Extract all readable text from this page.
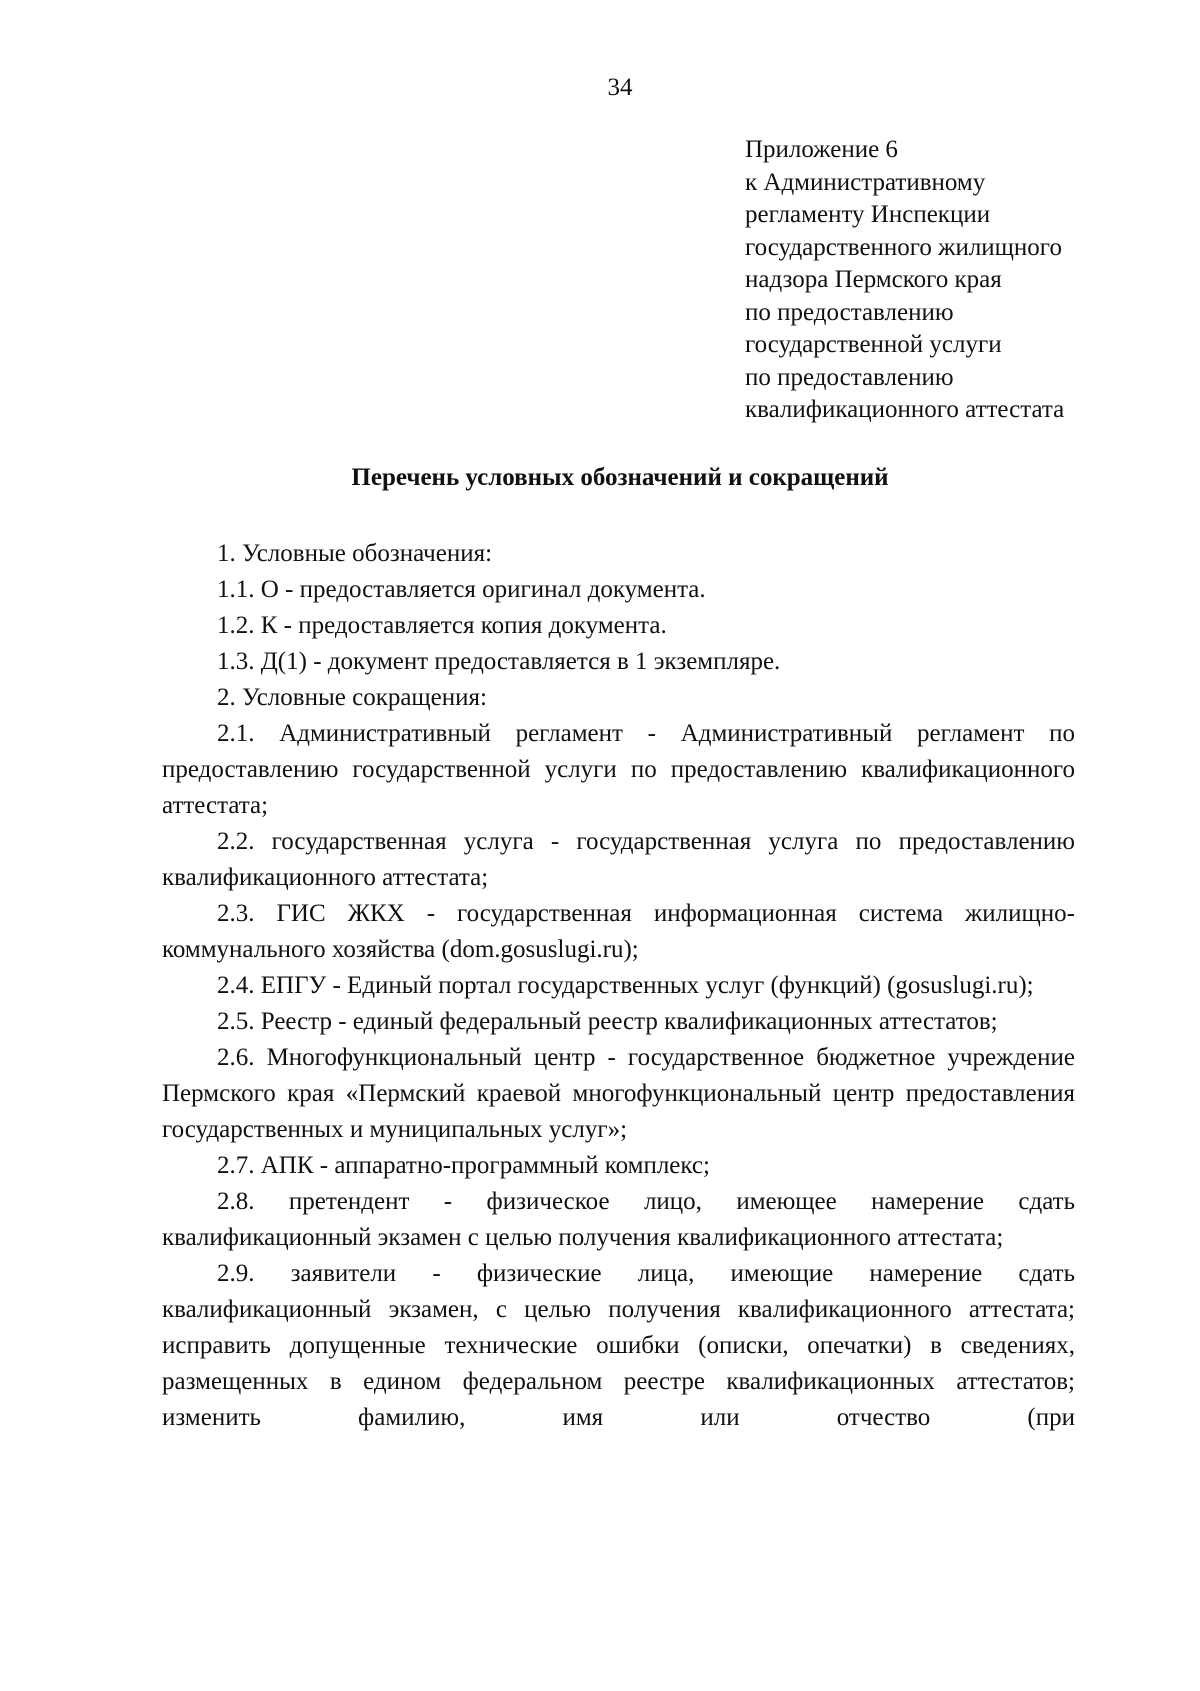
34
Приложение 6
к Административному
регламенту Инспекции
государственного жилищного
надзора Пермского края
по предоставлению
государственной услуги
по предоставлению
квалификационного аттестата
Перечень условных обозначений и сокращений

1. Условные обозначения:

1.1. О - предоставляется оригинал документа.

1.2. К - предоставляется копия документа.

1.3. Д(1) - документ предоставляется в 1 экземпляре.

2. Условные сокращения:

2.1. Административный регламент - Административный регламент по предоставлению государственной услуги по предоставлению квалификационного аттестата;

2.2. государственная услуга - государственная услуга по предоставлению квалификационного аттестата;

2.3. ГИС ЖКХ - государственная информационная система жилищно-коммунального хозяйства (dom.gosuslugi.ru);

2.4. ЕПГУ - Единый портал государственных услуг (функций) (gosuslugi.ru);

2.5. Реестр - единый федеральный реестр квалификационных аттестатов;

2.6. Многофункциональный центр - государственное бюджетное учреждение Пермского края «Пермский краевой многофункциональный центр предоставления государственных и муниципальных услуг»;

2.7. АПК - аппаратно-программный комплекс;

2.8. претендент - физическое лицо, имеющее намерение сдать квалификационный экзамен с целью получения квалификационного аттестата;

2.9. заявители - физические лица, имеющие намерение сдать квалификационный экзамен, с целью получения квалификационного аттестата; исправить допущенные технические ошибки (описки, опечатки) в сведениях, размещенных в едином федеральном реестре квалификационных аттестатов; изменить фамилию, имя или отчество (при
